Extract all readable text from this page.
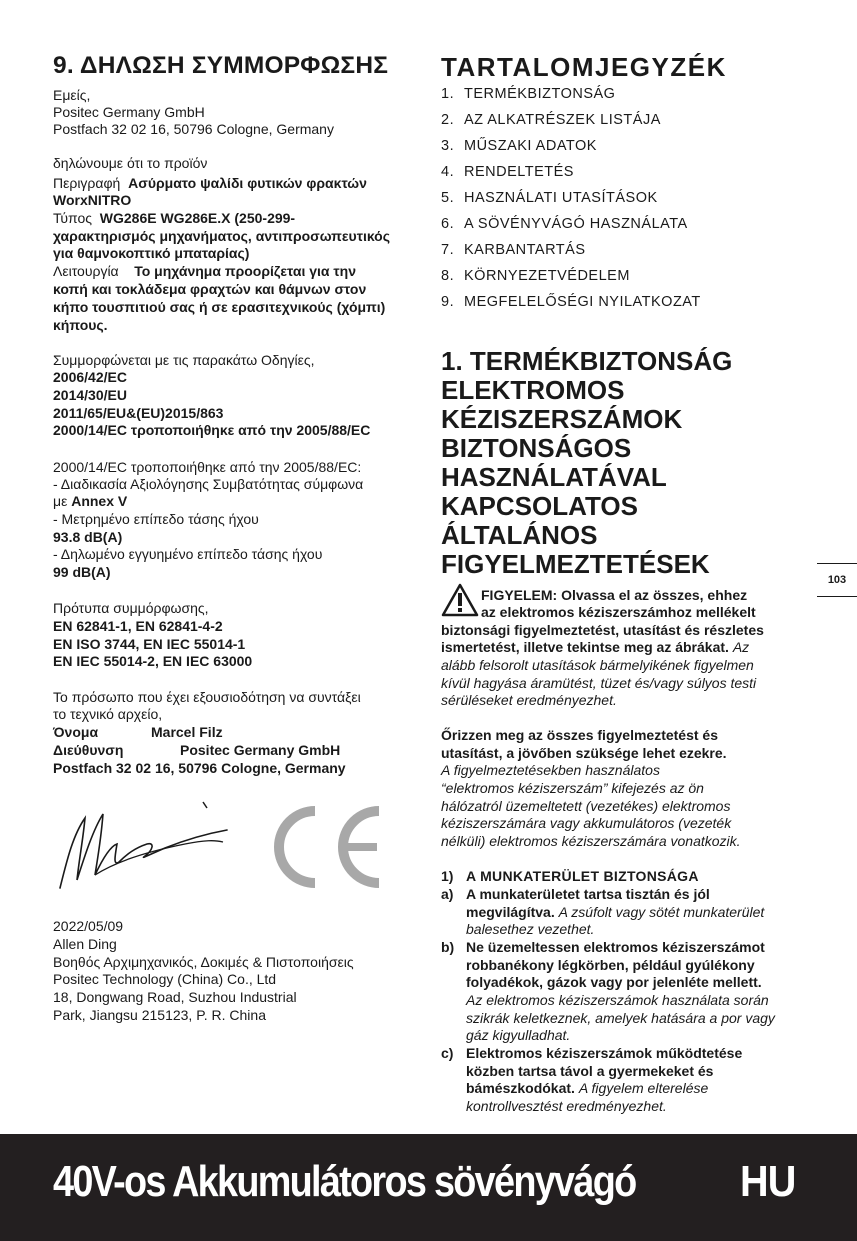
9. ΔΗΛΩΣΗ ΣΥΜΜΟΡΦΩΣΗΣ
Εμείς,
Positec Germany GmbH
Postfach 32 02 16, 50796 Cologne, Germany
δηλώνουμε ότι το προϊόν
Περιγραφή Ασύρματο ψαλίδι φυτικών φρακτών
WorxNITRO
Τύπος WG286E WG286E.X (250-299-
χαρακτηρισμός μηχανήματος, αντιπροσωπευτικός
για θαμνοκοπτικό μπαταρίας)
Λειτουργία Το μηχάνημα προορίζεται για την
κοπή και τοκλάδεμα φραχτών και θάμνων στον
κήπο τουσπιτιού σας ή σε ερασιτεχνικούς (χόμπι)
κήπους.
Συμμορφώνεται με τις παρακάτω Οδηγίες,
2006/42/EC
2014/30/EU
2011/65/EU&(EU)2015/863
2000/14/EC τροποποιήθηκε από την 2005/88/EC
2000/14/EC τροποποιήθηκε από την 2005/88/EC:
- Διαδικασία Αξιολόγησης Συμβατότητας σύμφωνα
με Annex V
- Μετρημένο επίπεδο τάσης ήχου
93.8 dB(A)
- Δηλωμένο εγγυημένο επίπεδο τάσης ήχου
99 dB(A)
Πρότυπα συμμόρφωσης,
EN 62841-1, EN 62841-4-2
EN ISO 3744, EN IEC 55014-1
EN IEC 55014-2, EN IEC 63000
Το πρόσωπο που έχει εξουσιοδότηση να συντάξει
το τεχνικό αρχείο,
Όνομα	Marcel Filz
Διεύθυνση	Positec Germany GmbH
Postfach 32 02 16, 50796 Cologne, Germany
2022/05/09
Allen Ding
Βοηθός Αρχιμηχανικός, Δοκιμές & Πιστοποιήσεις
Positec Technology (China) Co., Ltd
18, Dongwang Road, Suzhou Industrial
Park, Jiangsu 215123, P. R. China
TARTALOMJEGYZÉK
1. TERMÉKBIZTONSÁG
2. AZ ALKATRÉSZEK LISTÁJA
3. MŰSZAKI ADATOK
4. RENDELTETÉS
5. HASZNÁLATI UTASÍTÁSOK
6. A SÖVÉNYVÁGÓ HASZNÁLATA
7. KARBANTARTÁS
8. KÖRNYEZETVÉDELEM
9. MEGFELELŐSÉGI NYILATKOZAT
1. TERMÉKBIZTONSÁG
ELEKTROMOS
KÉZISZERSZÁMOK
BIZTONSÁGOS
HASZNÁLATÁVAL
KAPCSOLATOS
ÁLTALÁNOS
FIGYELMEZTETÉSEK
FIGYELEM: Olvassa el az összes, ehhez
az elektromos kéziszerszámhoz mellékelt
biztonsági figyelmeztetést, utasítást és részletes
ismertetést, illetve tekintse meg az ábrákat. Az
alább felsorolt utasítások bármelyikének figyelmen
kívül hagyása áramütést, tüzet és/vagy súlyos testi
sérüléseket eredményezhet.
Őrizzen meg az összes figyelmeztetést és
utasítást, a jövőben szüksége lehet ezekre.
A figyelmeztetésekben használatos
“elektromos kéziszerszám” kifejezés az ön
hálózatról üzemeltetett (vezetékes) elektromos
kéziszerszámára vagy akkumulátoros (vezeték
nélküli) elektromos kéziszerszámára vonatkozik.
1) A MUNKATERÜLET BIZTONSÁGA
a) A munkaterületet tartsa tisztán és jól
megvilágítva. A zsúfolt vagy sötét munkaterület
balesethez vezethet.
b) Ne üzemeltessen elektromos kéziszerszámot
robbanékony légkörben, például gyúlékony
folyadékok, gázok vagy por jelenléte mellett.
Az elektromos kéziszerszámok használata során
szikrák keletkeznek, amelyek hatására a por vagy
gáz kigyulladhat.
c) Elektromos kéziszerszámok működtetése
közben tartsa távol a gyermekeket és
bámészkodókat. A figyelem elterelése
kontrollvesztést eredményezhet.
103
40V-os Akkumulátoros sövényvágó HU
